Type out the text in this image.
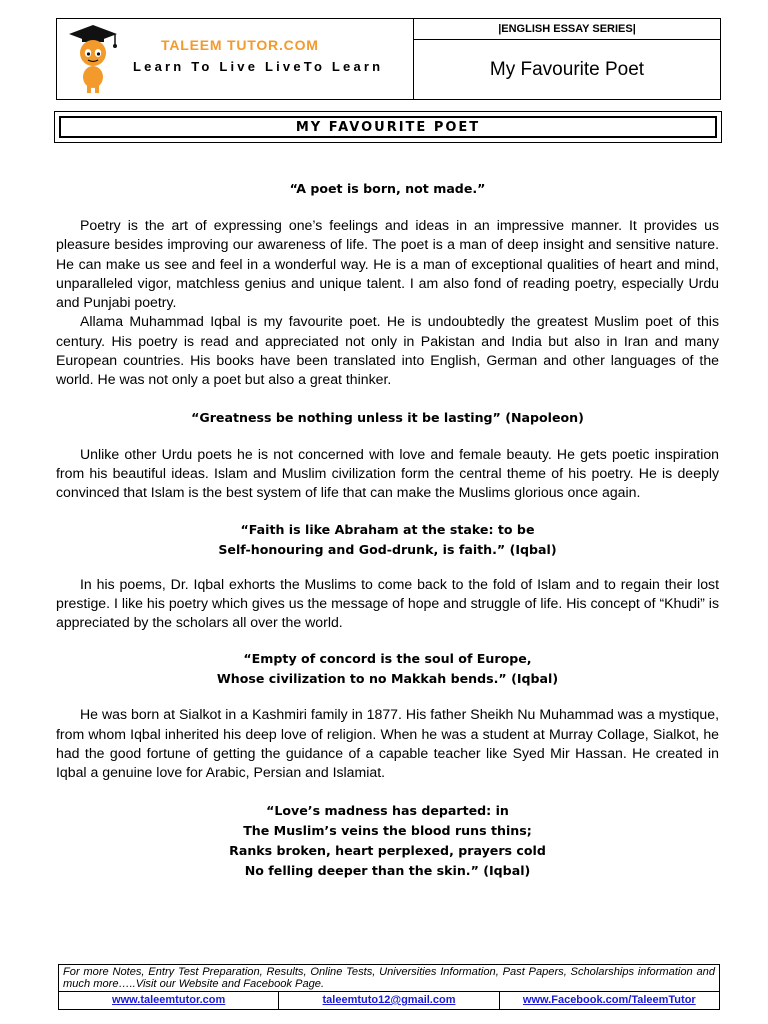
TALEEM TUTOR.COM
Learn To Live LiveTo Learn
|ENGLISH ESSAY SERIES|
My Favourite Poet
MY FAVOURITE POET

“A poet is born, not made.”

Poetry is the art of expressing one’s feelings and ideas in an impressive manner. It provides us pleasure besides improving our awareness of life. The poet is a man of deep insight and sensitive nature. He can make us see and feel in a wonderful way. He is a man of exceptional qualities of heart and mind, unparalleled vigor, matchless genius and unique talent. I am also fond of reading poetry, especially Urdu and Punjabi poetry.

Allama Muhammad Iqbal is my favourite poet. He is undoubtedly the greatest Muslim poet of this century. His poetry is read and appreciated not only in Pakistan and India but also in Iran and many European countries. His books have been translated into English, German and other languages of the world. He was not only a poet but also a great thinker.

“Greatness be nothing unless it be lasting” (Napoleon)

Unlike other Urdu poets he is not concerned with love and female beauty. He gets poetic inspiration from his beautiful ideas. Islam and Muslim civilization form the central theme of his poetry. He is deeply convinced that Islam is the best system of life that can make the Muslims glorious once again.

“Faith is like Abraham at the stake: to be
Self-honouring and God-drunk, is faith.” (Iqbal)

In his poems, Dr. Iqbal exhorts the Muslims to come back to the fold of Islam and to regain their lost prestige. I like his poetry which gives us the message of hope and struggle of life. His concept of “Khudi” is appreciated by the scholars all over the world.

“Empty of concord is the soul of Europe,
Whose civilization to no Makkah bends.” (Iqbal)

He was born at Sialkot in a Kashmiri family in 1877. His father Sheikh Nu Muhammad was a mystique, from whom Iqbal inherited his deep love of religion. When he was a student at Murray Collage, Sialkot, he had the good fortune of getting the guidance of a capable teacher like Syed Mir Hassan. He created in Iqbal a genuine love for Arabic, Persian and Islamiat.

“Love’s madness has departed: in
The Muslim’s veins the blood runs thins;
Ranks broken, heart perplexed, prayers cold
No felling deeper than the skin.” (Iqbal)
For more Notes, Entry Test Preparation, Results, Online Tests, Universities Information, Past Papers, Scholarships information and much more…..Visit our Website and Facebook Page.
www.taleemtutor.com	taleemtuto12@gmail.com	www.Facebook.com/TaleemTutor
